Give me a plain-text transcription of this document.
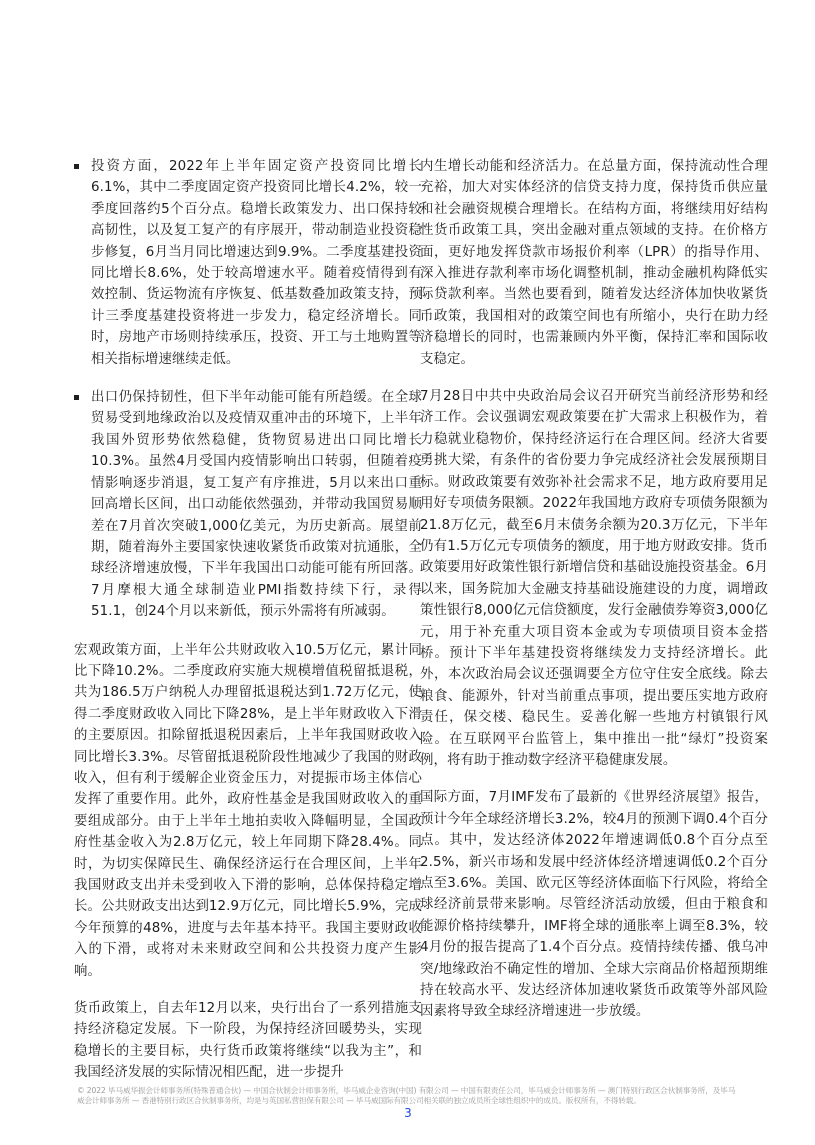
投资方面，2022年上半年固定资产投资同比增长6.1%，其中二季度固定资产投资同比增长4.2%，较一季度回落约5个百分点。稳增长政策发力、出口保持较高韧性，以及复工复产的有序展开，带动制造业投资稳步修复，6月当月同比增速达到9.9%。二季度基建投资同比增长8.6%，处于较高增速水平。随着疫情得到有效控制、货运物流有序恢复、低基数叠加政策支持，预计三季度基建投资将进一步发力，稳定经济增长。同时，房地产市场则持续承压，投资、开工与土地购置等相关指标增速继续走低。
出口仍保持韧性，但下半年动能可能有所趋缓。在全球贸易受到地缘政治以及疫情双重冲击的环境下，上半年我国外贸形势依然稳健，货物贸易进出口同比增长10.3%。虽然4月受国内疫情影响出口转弱，但随着疫情影响逐步消退，复工复产有序推进，5月以来出口重回高增长区间，出口动能依然强劲，并带动我国贸易顺差在7月首次突破1,000亿美元，为历史新高。展望前期，随着海外主要国家快速收紧货币政策对抗通胀，全球经济增速放慢，下半年我国出口动能可能有所回落。7月摩根大通全球制造业PMI指数持续下行，录得51.1，创24个月以来新低，预示外需将有所减弱。

宏观政策方面，上半年公共财政收入10.5万亿元，累计同比下降10.2%。二季度政府实施大规模增值税留抵退税，共为186.5万户纳税人办理留抵退税达到1.72万亿元，使得二季度财政收入同比下降28%，是上半年财政收入下滑的主要原因。扣除留抵退税因素后，上半年我国财政收入同比增长3.3%。尽管留抵退税阶段性地减少了我国的财政收入，但有利于缓解企业资金压力，对提振市场主体信心发挥了重要作用。此外，政府性基金是我国财政收入的重要组成部分。由于上半年土地拍卖收入降幅明显，全国政府性基金收入为2.8万亿元，较上年同期下降28.4%。同时，为切实保障民生、确保经济运行在合理区间，上半年我国财政支出并未受到收入下滑的影响，总体保持稳定增长。公共财政支出达到12.9万亿元，同比增长5.9%，完成今年预算的48%，进度与去年基本持平。我国主要财政收入的下滑，或将对未来财政空间和公共投资力度产生影响。

货币政策上，自去年12月以来，央行出台了一系列措施支持经济稳定发展。下一阶段，为保持经济回暖势头，实现稳增长的主要目标，央行货币政策将继续“以我为主”，和我国经济发展的实际情况相匹配，进一步提升

内生增长动能和经济活力。在总量方面，保持流动性合理充裕，加大对实体经济的信贷支持力度，保持货币供应量和社会融资规模合理增长。在结构方面，将继续用好结构性货币政策工具，突出金融对重点领域的支持。在价格方面，更好地发挥贷款市场报价利率（LPR）的指导作用、深入推进存款利率市场化调整机制，推动金融机构降低实际贷款利率。当然也要看到，随着发达经济体加快收紧货币政策，我国相对的政策空间也有所缩小，央行在助力经济稳增长的同时，也需兼顾内外平衡，保持汇率和国际收支稳定。

7月28日中共中央政治局会议召开研究当前经济形势和经济工作。会议强调宏观政策要在扩大需求上积极作为，着力稳就业稳物价，保持经济运行在合理区间。经济大省要勇挑大梁，有条件的省份要力争完成经济社会发展预期目标。财政政策要有效弥补社会需求不足，地方政府要用足用好专项债务限额。2022年我国地方政府专项债务限额为21.8万亿元，截至6月末债务余额为20.3万亿元，下半年仍有1.5万亿元专项债务的额度，用于地方财政安排。货币政策要用好政策性银行新增信贷和基础设施投资基金。6月以来，国务院加大金融支持基础设施建设的力度，调增政策性银行8,000亿元信贷额度，发行金融债券筹资3,000亿元，用于补充重大项目资本金或为专项债项目资本金搭桥。预计下半年基建投资将继续发力支持经济增长。此外，本次政治局会议还强调要全方位守住安全底线。除去粮食、能源外，针对当前重点事项，提出要压实地方政府责任，保交楼、稳民生。妥善化解一些地方村镇银行风险。在互联网平台监管上，集中推出一批“绿灯”投资案例，将有助于推动数字经济平稳健康发展。

国际方面，7月IMF发布了最新的《世界经济展望》报告，预计今年全球经济增长3.2%，较4月的预测下调0.4个百分点。其中，发达经济体2022年增速调低0.8个百分点至2.5%，新兴市场和发展中经济体经济增速调低0.2个百分点至3.6%。美国、欧元区等经济体面临下行风险，将给全球经济前景带来影响。尽管经济活动放缓，但由于粮食和能源价格持续攀升，IMF将全球的通胀率上调至8.3%，较4月份的报告提高了1.4个百分点。疫情持续传播、俄乌冲突/地缘政治不确定性的增加、全球大宗商品价格超预期维持在较高水平、发达经济体加速收紧货币政策等外部风险因素将导致全球经济增速进一步放缓。

© 2022 毕马威华振会计师事务所(特殊普通合伙) — 中国合伙制会计师事务所，毕马威企业咨询(中国) 有限公司 — 中国有限责任公司，毕马威会计师事务所 — 澳门特别行政区合伙制事务所，及毕马威会计师事务所 — 香港特别行政区合伙制事务所，均是与英国私营担保有限公司 — 毕马威国际有限公司相关联的独立成员所全球性组织中的成员。版权所有，不得转载。
3
